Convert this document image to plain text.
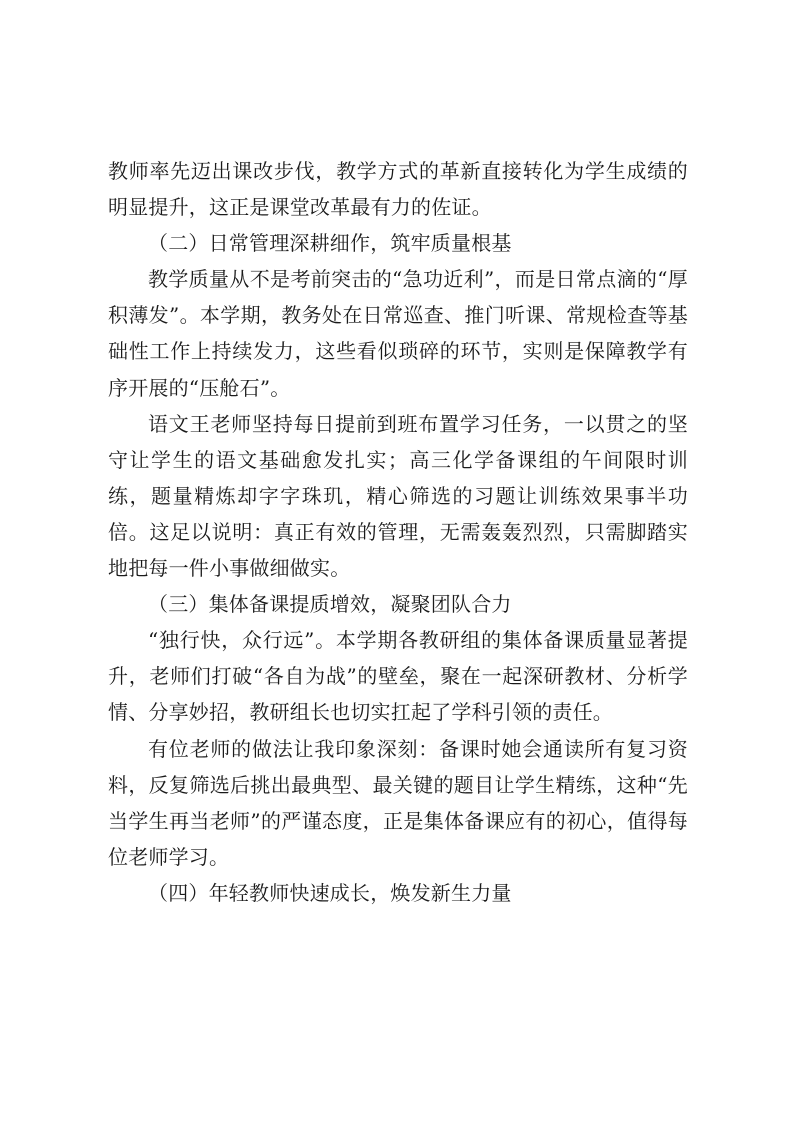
教师率先迈出课改步伐，教学方式的革新直接转化为学生成绩的明显提升，这正是课堂改革最有力的佐证。

（二）日常管理深耕细作，筑牢质量根基

教学质量从不是考前突击的“急功近利”，而是日常点滴的“厚积薄发”。本学期，教务处在日常巡查、推门听课、常规检查等基础性工作上持续发力，这些看似琐碎的环节，实则是保障教学有序开展的“压舱石”。

语文王老师坚持每日提前到班布置学习任务，一以贯之的坚守让学生的语文基础愈发扎实；高三化学备课组的午间限时训练，题量精炼却字字珠玑，精心筛选的习题让训练效果事半功倍。这足以说明：真正有效的管理，无需轰轰烈烈，只需脚踏实地把每一件小事做细做实。

（三）集体备课提质增效，凝聚团队合力

“独行快，众行远”。本学期各教研组的集体备课质量显著提升，老师们打破“各自为战”的壁垒，聚在一起深研教材、分析学情、分享妙招，教研组长也切实扛起了学科引领的责任。

有位老师的做法让我印象深刻：备课时她会通读所有复习资料，反复筛选后挑出最典型、最关键的题目让学生精练，这种“先当学生再当老师”的严谨态度，正是集体备课应有的初心，值得每位老师学习。

（四）年轻教师快速成长，焕发新生力量
